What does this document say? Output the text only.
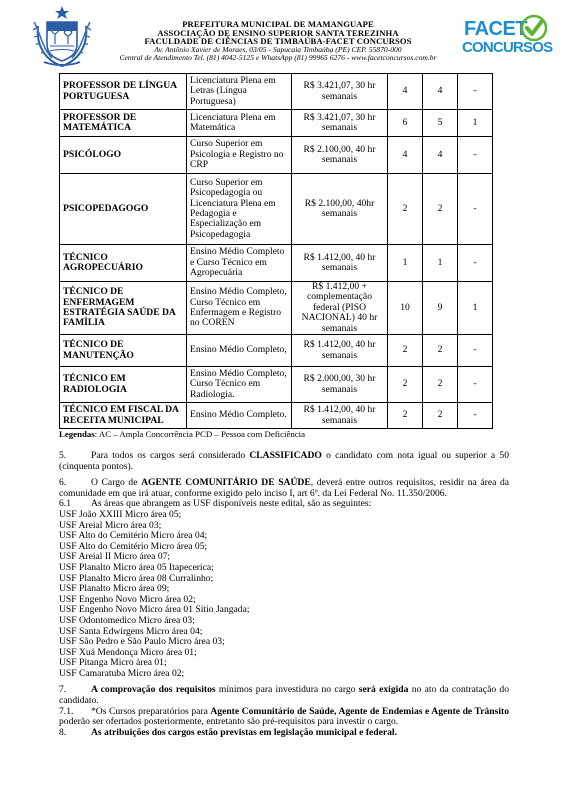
PREFEITURA MUNICIPAL DE MAMANGUAPE
ASSOCIAÇÃO DE ENSINO SUPERIOR SANTA TEREZINHA
FACULDADE DE CIÊNCIAS DE TIMBAÚBA-FACET CONCURSOS
Av. Antônio Xavier de Moraes, 03/05 - Sapucaia Timbaúba (PE) CEP. 55870-000
Central de Atendimento Tel. (81) 4042-5125 e WhatsApp (81) 99965 6276 - www.facetconcursos.com.br
FACET
CONCURSOS
PROFESSOR DE LÍNGUA PORTUGUESA	Licenciatura Plena em Letras (Língua Portuguesa)	R$ 3.421,07, 30 hr semanais	4	4	-
PROFESSOR DE MATEMÁTICA	Licenciatura Plena em Matemática	R$ 3.421,07, 30 hr semanais	6	5	1
PSICÓLOGO	Curso Superior em Psicologia e Registro no CRP	R$ 2.100,00, 40 hr semanais	4	4	-
PSICOPEDAGOGO	Curso Superior em Psicopedagogia ou Licenciatura Plena em Pedagogia e Especialização em Psicopedagogia	R$ 2.100,00, 40hr semanais	2	2	-
TÉCNICO AGROPECUÁRIO	Ensino Médio Completo e Curso Técnico em Agropecuária	R$ 1.412,00, 40 hr semanais	1	1	-
TÉCNICO DE ENFERMAGEM ESTRATÉGIA SAÚDE DA FAMÍLIA	Ensino Médio Completo, Curso Técnico em Enfermagem e Registro no COREN	R$ 1.412,00 + complementação federal (PISO NACIONAL) 40 hr semanais	10	9	1
TÉCNICO DE MANUTENÇÃO	Ensino Médio Completo,	R$ 1.412,00, 40 hr semanais	2	2	-
TÉCNICO EM RADIOLOGIA	Ensino Médio Completo, Curso Técnico em Radiologia.	R$ 2.000,00, 30 hr semanais	2	2	-
TÉCNICO EM FISCAL DA RECEITA MUNICIPAL	Ensino Médio Completo.	R$ 1.412,00, 40 hr semanais	2	2	-
Legendas: AC – Ampla Concorrência PCD – Pessoa com Deficiência

5.	Para todos os cargos será considerado CLASSIFICADO o candidato com nota igual ou superior a 50 (cinquenta pontos).

6.	O Cargo de AGENTE COMUNITÁRIO DE SAÚDE, deverá entre outros requisitos, residir na área da comunidade em que irá atuar, conforme exigido pelo inciso I, art 6º. da Lei Federal No. 11.350/2006.

6.1 As áreas que abrangem as USF disponíveis neste edital, são as seguintes:

USF João XXIII Micro área 05;

USF Areial Micro área 03;

USF Alto do Cemitério Micro área 04;

USF Alto do Cemitério Micro área 05;

USF Areial II Micro área 07;

USF Planalto Micro área 05 Itapecerica;

USF Planalto Micro área 08 Curralinho;

USF Planalto Micro área 09;

USF Engenho Novo Micro área 02;

USF Engenho Novo Micro área 01 Sítio Jangada;

USF Odontomedico Micro área 03;

USF Santa Edwirgens Micro área 04;

USF São Pedro e São Paulo Micro área 03;

USF Xuá Mendonça Micro área 01;

USF Pitanga Micro área 01;

USF Camaratuba Micro área 02;

7.	A comprovação dos requisitos mínimos para investidura no cargo será exigida no ato da contratação do candidato.

7.1. *Os Cursos preparatórios para Agente Comunitário de Saúde, Agente de Endemias e Agente de Trânsito poderão ser ofertados posteriormente, entretanto são pré-requisitos para investir o cargo.

8.	As atribuições dos cargos estão previstas em legislação municipal e federal.
